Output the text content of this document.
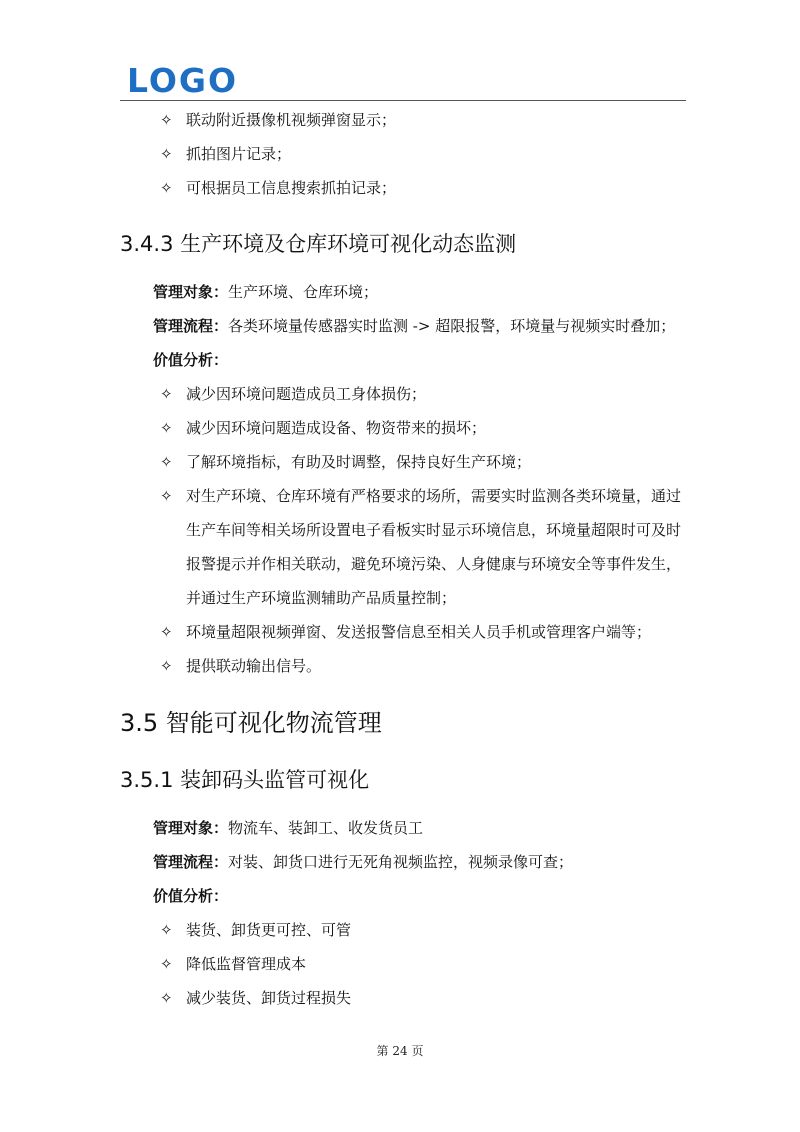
LOGO
✧ 联动附近摄像机视频弹窗显示；
✧ 抓拍图片记录；
✧ 可根据员工信息搜索抓拍记录；
3.4.3 生产环境及仓库环境可视化动态监测
管理对象：生产环境、仓库环境；
管理流程：各类环境量传感器实时监测 -> 超限报警，环境量与视频实时叠加；
价值分析：
✧ 减少因环境问题造成员工身体损伤；
✧ 减少因环境问题造成设备、物资带来的损坏；
✧ 了解环境指标，有助及时调整，保持良好生产环境；
✧ 对生产环境、仓库环境有严格要求的场所，需要实时监测各类环境量，通过生产车间等相关场所设置电子看板实时显示环境信息，环境量超限时可及时报警提示并作相关联动，避免环境污染、人身健康与环境安全等事件发生，并通过生产环境监测辅助产品质量控制；
✧ 环境量超限视频弹窗、发送报警信息至相关人员手机或管理客户端等；
✧ 提供联动输出信号。
3.5 智能可视化物流管理
3.5.1 装卸码头监管可视化
管理对象：物流车、装卸工、收发货员工
管理流程：对装、卸货口进行无死角视频监控，视频录像可查；
价值分析：
✧ 装货、卸货更可控、可管
✧ 降低监督管理成本
✧ 减少装货、卸货过程损失
第 24 页
